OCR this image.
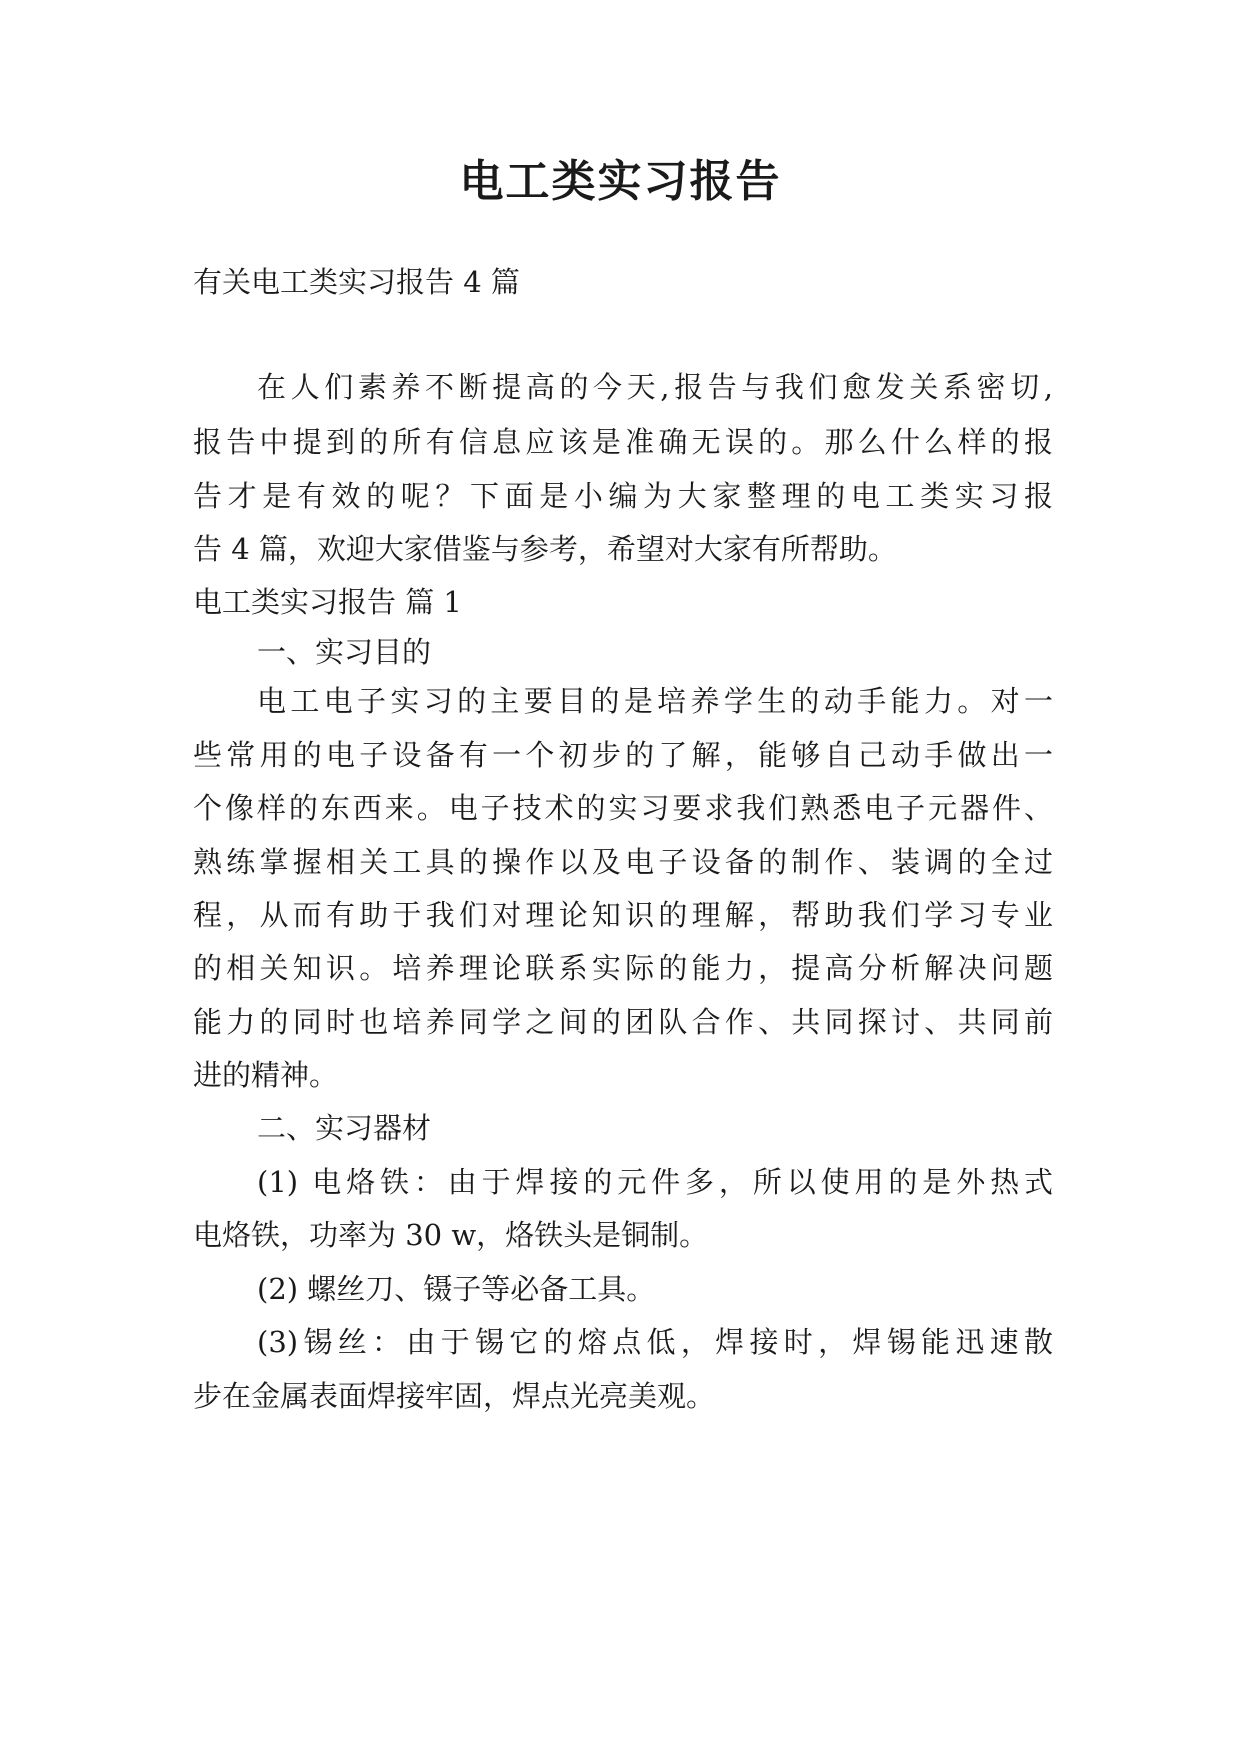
电工类实习报告

有关电工类实习报告 4 篇

在人们素养不断提高的今天,报告与我们愈发关系密切,

报告中提到的所有信息应该是准确无误的。那么什么样的报

告才是有效的呢？下面是小编为大家整理的电工类实习报

告 4 篇，欢迎大家借鉴与参考，希望对大家有所帮助。

电工类实习报告 篇 1

一、实习目的

电工电子实习的主要目的是培养学生的动手能力。对一

些常用的电子设备有一个初步的了解，能够自己动手做出一

个像样的东西来。电子技术的实习要求我们熟悉电子元器件、

熟练掌握相关工具的操作以及电子设备的制作、装调的全过

程，从而有助于我们对理论知识的理解，帮助我们学习专业

的相关知识。培养理论联系实际的能力，提高分析解决问题

能力的同时也培养同学之间的团队合作、共同探讨、共同前

进的精神。

二、实习器材

(1) 电烙铁：由于焊接的元件多，所以使用的是外热式

电烙铁，功率为 30 w，烙铁头是铜制。

(2) 螺丝刀、镊子等必备工具。

(3)锡丝：由于锡它的熔点低，焊接时，焊锡能迅速散

步在金属表面焊接牢固，焊点光亮美观。
